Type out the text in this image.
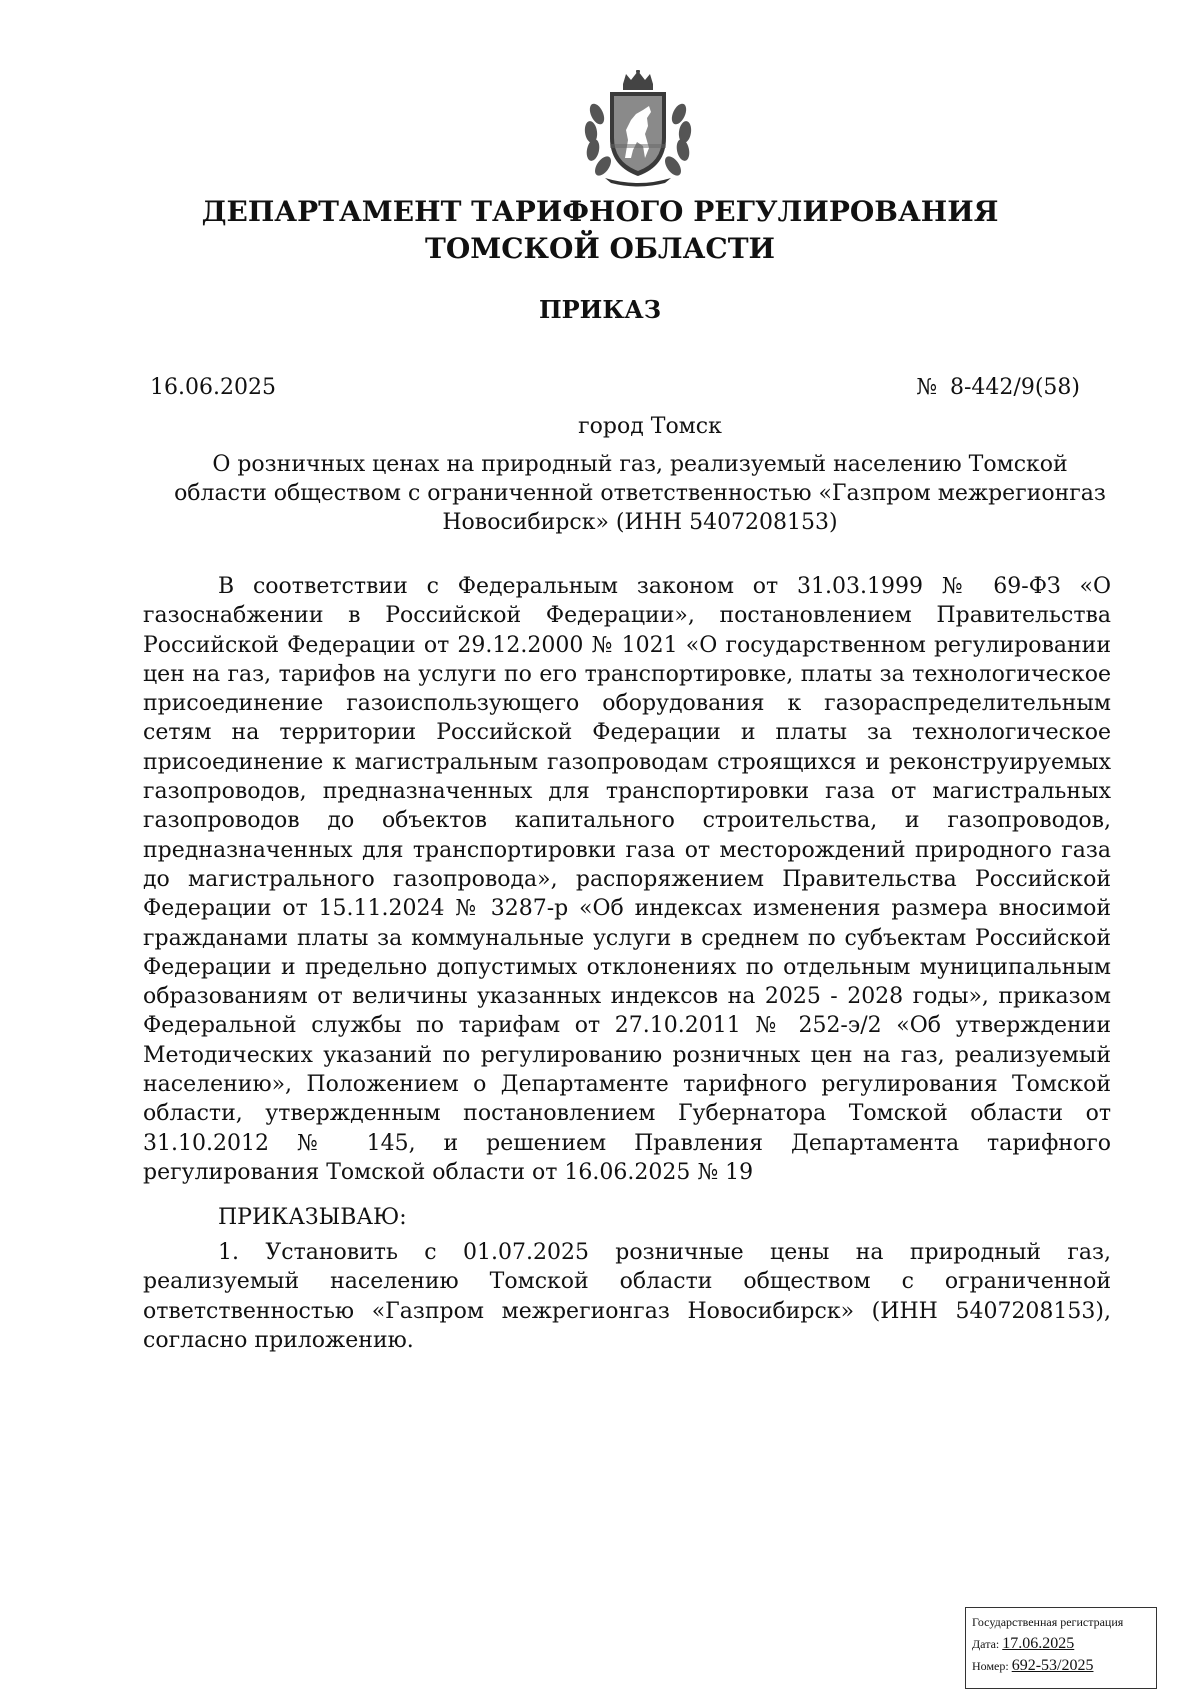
ДЕПАРТАМЕНТ ТАРИФНОГО РЕГУЛИРОВАНИЯ
ТОМСКОЙ ОБЛАСТИ
ПРИКАЗ
16.06.2025	№ 8-442/9(58)
город Томск

О розничных ценах на природный газ, реализуемый населению Томской области обществом с ограниченной ответственностью «Газпром межрегионгаз Новосибирск» (ИНН 5407208153)

В соответствии с Федеральным законом от 31.03.1999 № 69-ФЗ «О газоснабжении в Российской Федерации», постановлением Правительства Российской Федерации от 29.12.2000 № 1021 «О государственном регулировании цен на газ, тарифов на услуги по его транспортировке, платы за технологическое присоединение газоиспользующего оборудования к газораспределительным сетям на территории Российской Федерации и платы за технологическое присоединение к магистральным газопроводам строящихся и реконструируемых газопроводов, предназначенных для транспортировки газа от магистральных газопроводов до объектов капитального строительства, и газопроводов, предназначенных для транспортировки газа от месторождений природного газа до магистрального газопровода», распоряжением Правительства Российской Федерации от 15.11.2024 № 3287-р «Об индексах изменения размера вносимой гражданами платы за коммунальные услуги в среднем по субъектам Российской Федерации и предельно допустимых отклонениях по отдельным муниципальным образованиям от величины указанных индексов на 2025 - 2028 годы», приказом Федеральной службы по тарифам от 27.10.2011 № 252-э/2 «Об утверждении Методических указаний по регулированию розничных цен на газ, реализуемый населению», Положением о Департаменте тарифного регулирования Томской области, утвержденным постановлением Губернатора Томской области от 31.10.2012 № 145, и решением Правления Департамента тарифного регулирования Томской области от 16.06.2025 № 19

ПРИКАЗЫВАЮ:

1. Установить с 01.07.2025 розничные цены на природный газ, реализуемый населению Томской области обществом с ограниченной ответственностью «Газпром межрегионгаз Новосибирск» (ИНН 5407208153), согласно приложению.

Государственная регистрация
Дата: 17.06.2025
Номер: 692-53/2025
